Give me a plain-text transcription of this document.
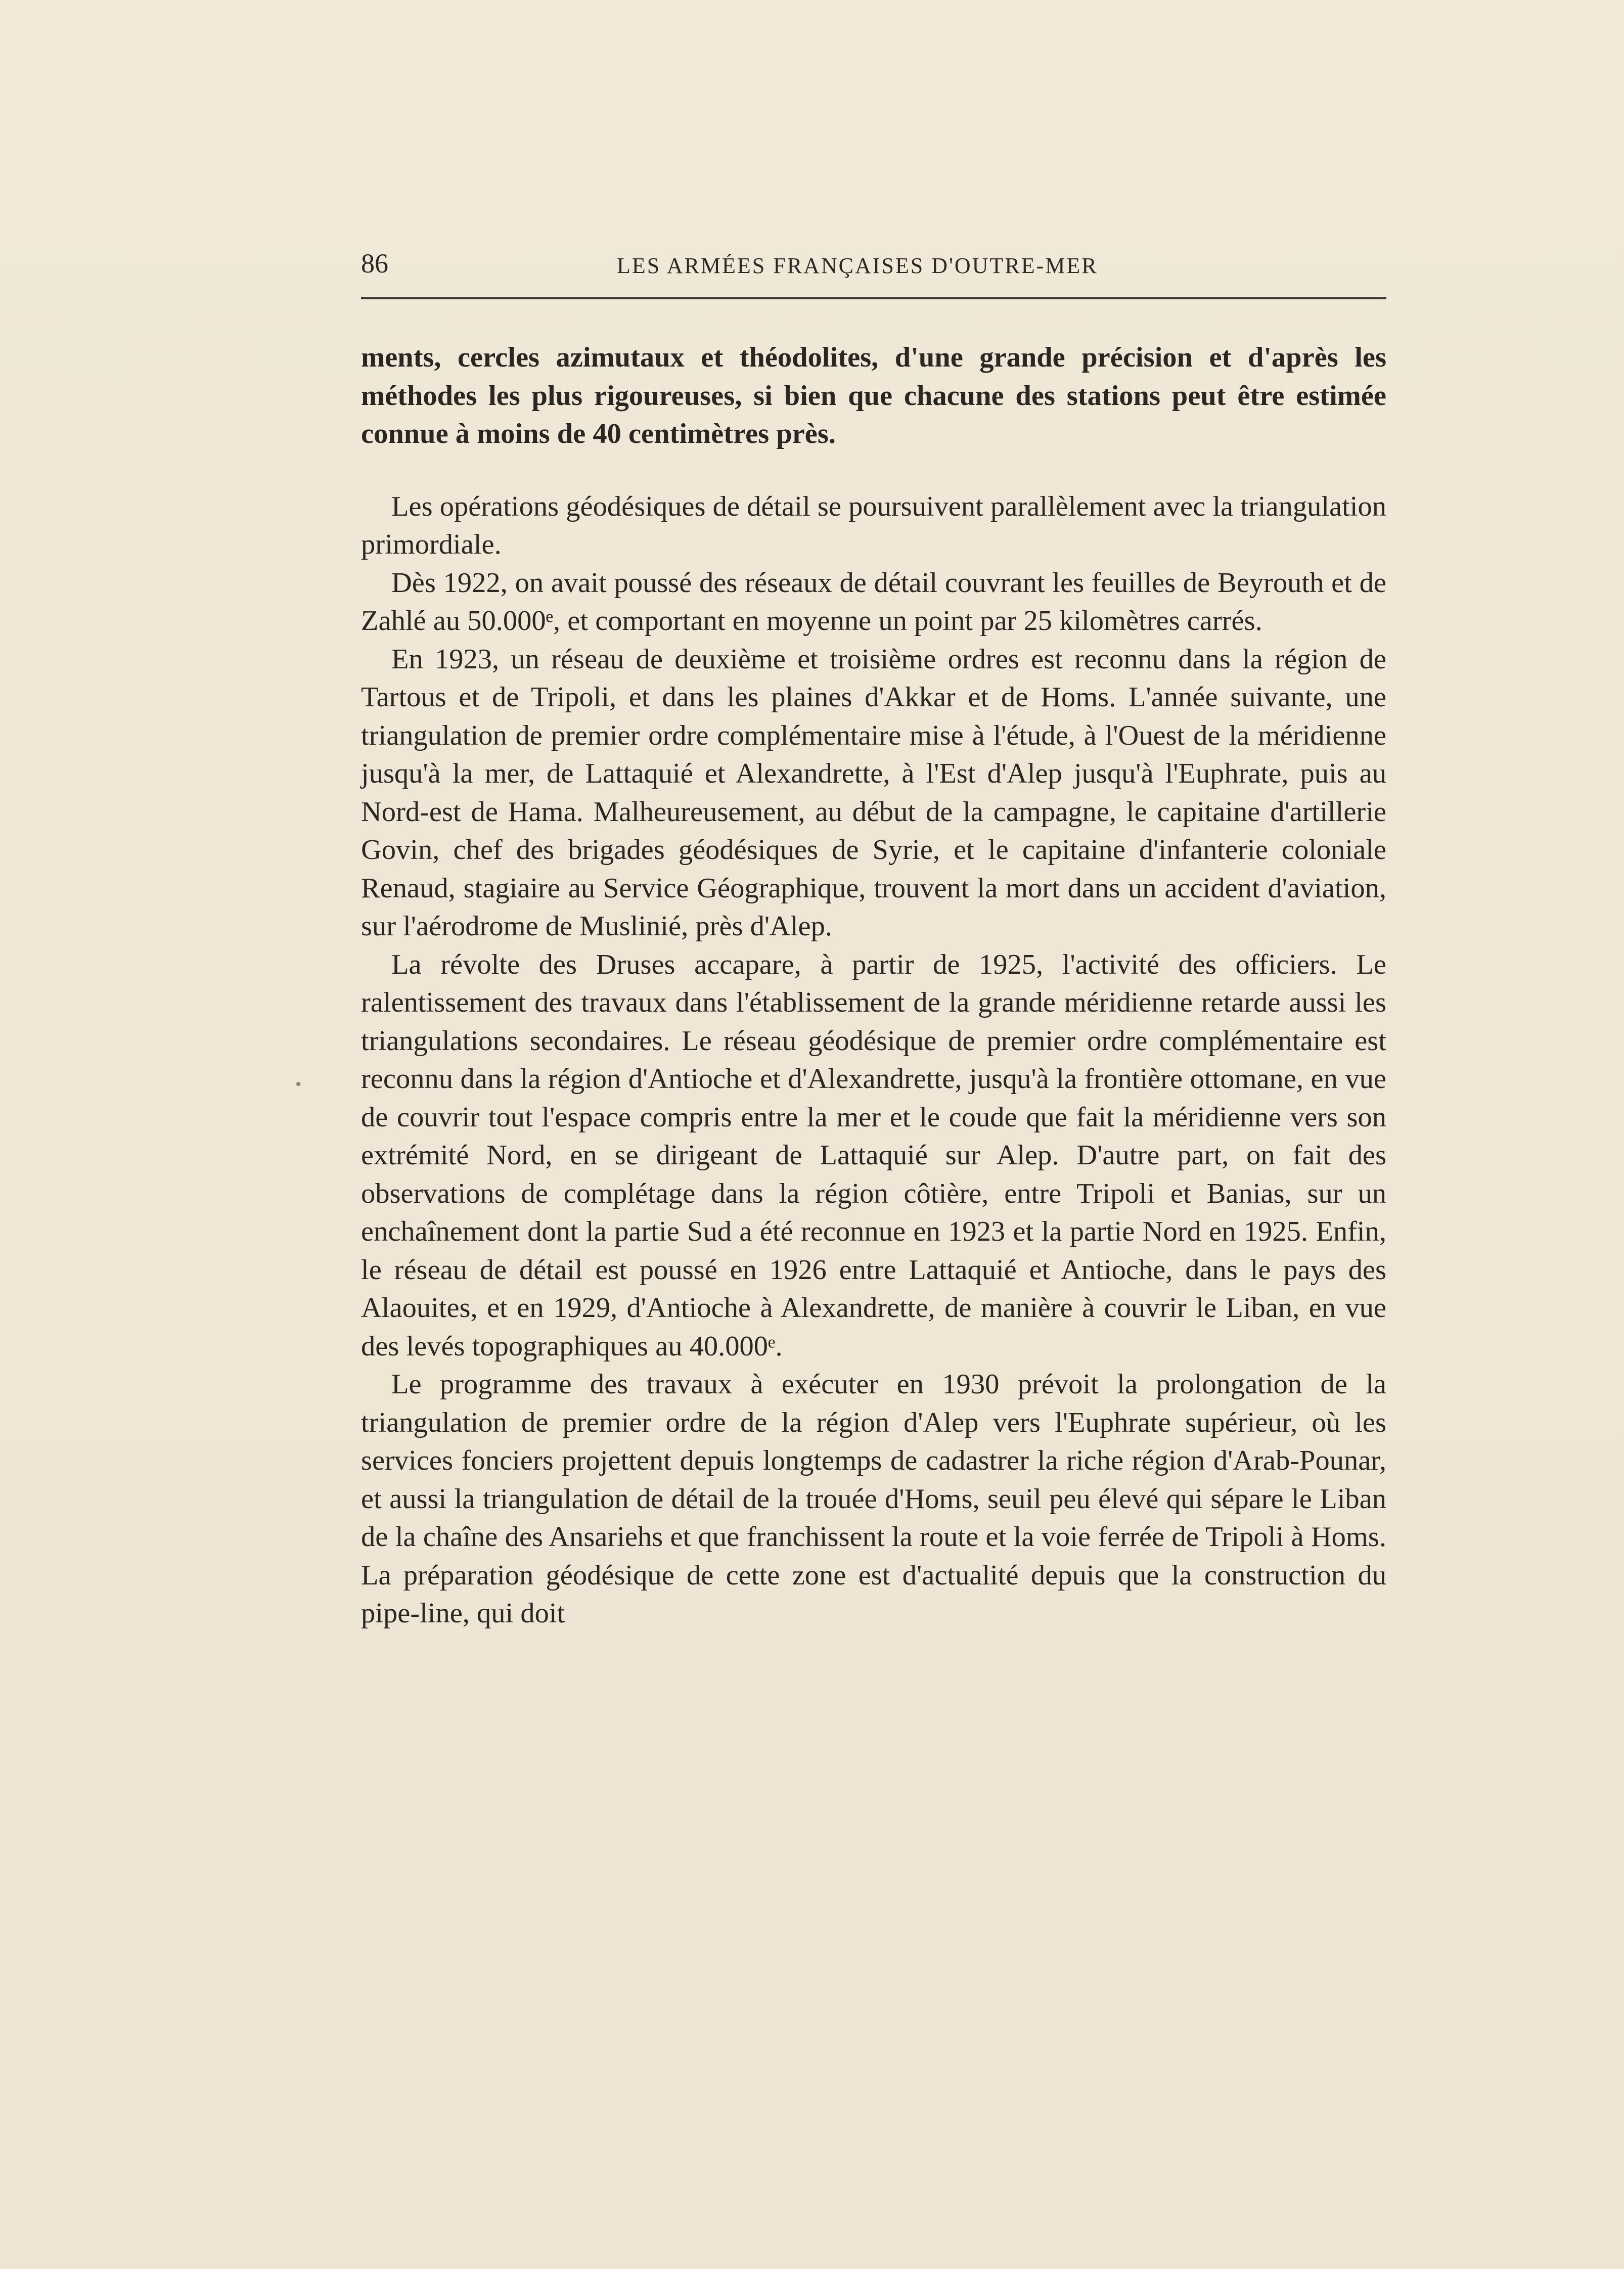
86	LES ARMÉES FRANÇAISES D'OUTRE-MER

ments, cercles azimutaux et théodolites, d'une grande précision et d'après les méthodes les plus rigoureuses, si bien que chacune des stations peut être estimée connue à moins de 40 centimètres près.

Les opérations géodésiques de détail se poursuivent parallèlement avec la triangulation primordiale.

Dès 1922, on avait poussé des réseaux de détail couvrant les feuilles de Beyrouth et de Zahlé au 50.000ᵉ, et comportant en moyenne un point par 25 kilomètres carrés.

En 1923, un réseau de deuxième et troisième ordres est reconnu dans la région de Tartous et de Tripoli, et dans les plaines d'Akkar et de Homs. L'année suivante, une triangulation de premier ordre complémentaire mise à l'étude, à l'Ouest de la méridienne jusqu'à la mer, de Lattaquié et Alexandrette, à l'Est d'Alep jusqu'à l'Euphrate, puis au Nord-est de Hama. Malheureusement, au début de la campagne, le capitaine d'artillerie Govin, chef des brigades géodésiques de Syrie, et le capitaine d'infanterie coloniale Renaud, stagiaire au Service Géographique, trouvent la mort dans un accident d'aviation, sur l'aérodrome de Muslinié, près d'Alep.

La révolte des Druses accapare, à partir de 1925, l'activité des officiers. Le ralentissement des travaux dans l'établissement de la grande méridienne retarde aussi les triangulations secondaires. Le réseau géodésique de premier ordre complémentaire est reconnu dans la région d'Antioche et d'Alexandrette, jusqu'à la frontière ottomane, en vue de couvrir tout l'espace compris entre la mer et le coude que fait la méridienne vers son extrémité Nord, en se dirigeant de Lattaquié sur Alep. D'autre part, on fait des observations de complétage dans la région côtière, entre Tripoli et Banias, sur un enchaînement dont la partie Sud a été reconnue en 1923 et la partie Nord en 1925. Enfin, le réseau de détail est poussé en 1926 entre Lattaquié et Antioche, dans le pays des Alaouites, et en 1929, d'Antioche à Alexandrette, de manière à couvrir le Liban, en vue des levés topographiques au 40.000ᵉ.

Le programme des travaux à exécuter en 1930 prévoit la prolongation de la triangulation de premier ordre de la région d'Alep vers l'Euphrate supérieur, où les services fonciers projettent depuis longtemps de cadastrer la riche région d'Arab-Pounar, et aussi la triangulation de détail de la trouée d'Homs, seuil peu élevé qui sépare le Liban de la chaîne des Ansariehs et que franchissent la route et la voie ferrée de Tripoli à Homs. La préparation géodésique de cette zone est d'actualité depuis que la construction du pipe-line, qui doit
